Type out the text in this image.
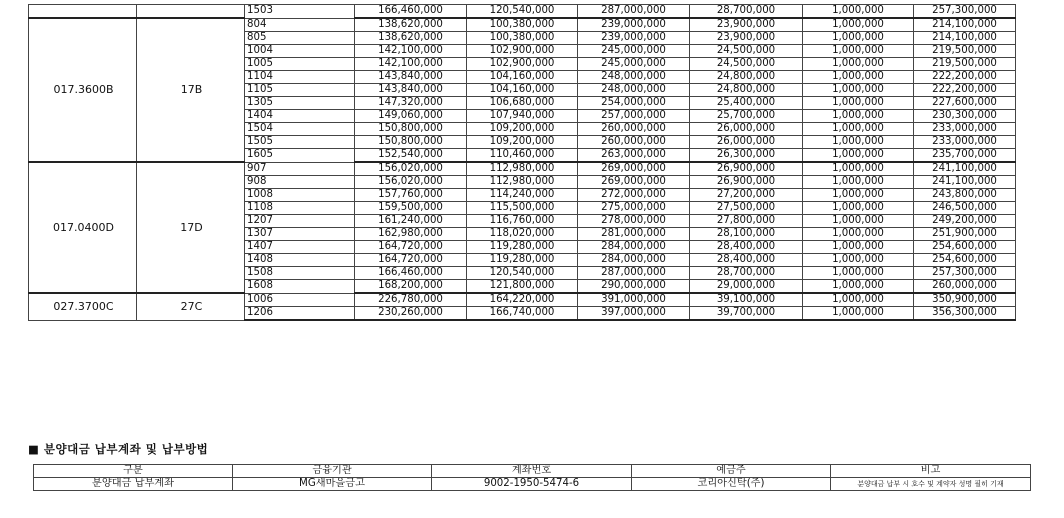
		1503	166,460,000	120,540,000	287,000,000	28,700,000	1,000,000	257,300,000
017.3600B	17B	804	138,620,000	100,380,000	239,000,000	23,900,000	1,000,000	214,100,000
		805	138,620,000	100,380,000	239,000,000	23,900,000	1,000,000	214,100,000
		1004	142,100,000	102,900,000	245,000,000	24,500,000	1,000,000	219,500,000
		1005	142,100,000	102,900,000	245,000,000	24,500,000	1,000,000	219,500,000
		1104	143,840,000	104,160,000	248,000,000	24,800,000	1,000,000	222,200,000
		1105	143,840,000	104,160,000	248,000,000	24,800,000	1,000,000	222,200,000
		1305	147,320,000	106,680,000	254,000,000	25,400,000	1,000,000	227,600,000
		1404	149,060,000	107,940,000	257,000,000	25,700,000	1,000,000	230,300,000
		1504	150,800,000	109,200,000	260,000,000	26,000,000	1,000,000	233,000,000
		1505	150,800,000	109,200,000	260,000,000	26,000,000	1,000,000	233,000,000
		1605	152,540,000	110,460,000	263,000,000	26,300,000	1,000,000	235,700,000
017.0400D	17D	907	156,020,000	112,980,000	269,000,000	26,900,000	1,000,000	241,100,000
		908	156,020,000	112,980,000	269,000,000	26,900,000	1,000,000	241,100,000
		1008	157,760,000	114,240,000	272,000,000	27,200,000	1,000,000	243,800,000
		1108	159,500,000	115,500,000	275,000,000	27,500,000	1,000,000	246,500,000
		1207	161,240,000	116,760,000	278,000,000	27,800,000	1,000,000	249,200,000
		1307	162,980,000	118,020,000	281,000,000	28,100,000	1,000,000	251,900,000
		1407	164,720,000	119,280,000	284,000,000	28,400,000	1,000,000	254,600,000
		1408	164,720,000	119,280,000	284,000,000	28,400,000	1,000,000	254,600,000
		1508	166,460,000	120,540,000	287,000,000	28,700,000	1,000,000	257,300,000
		1608	168,200,000	121,800,000	290,000,000	29,000,000	1,000,000	260,000,000
027.3700C	27C	1006	226,780,000	164,220,000	391,000,000	39,100,000	1,000,000	350,900,000
		1206	230,260,000	166,740,000	397,000,000	39,700,000	1,000,000	356,300,000
■ 분양대금 납부계좌 및 납부방법
구분	금융기관	계좌번호	예금주	비고
분양대금 납부계좌	MG새마을금고	9002-1950-5474-6	코리아신탁(주)	분양대금 납부 시 호수 및 계약자 성명 필히 기재
